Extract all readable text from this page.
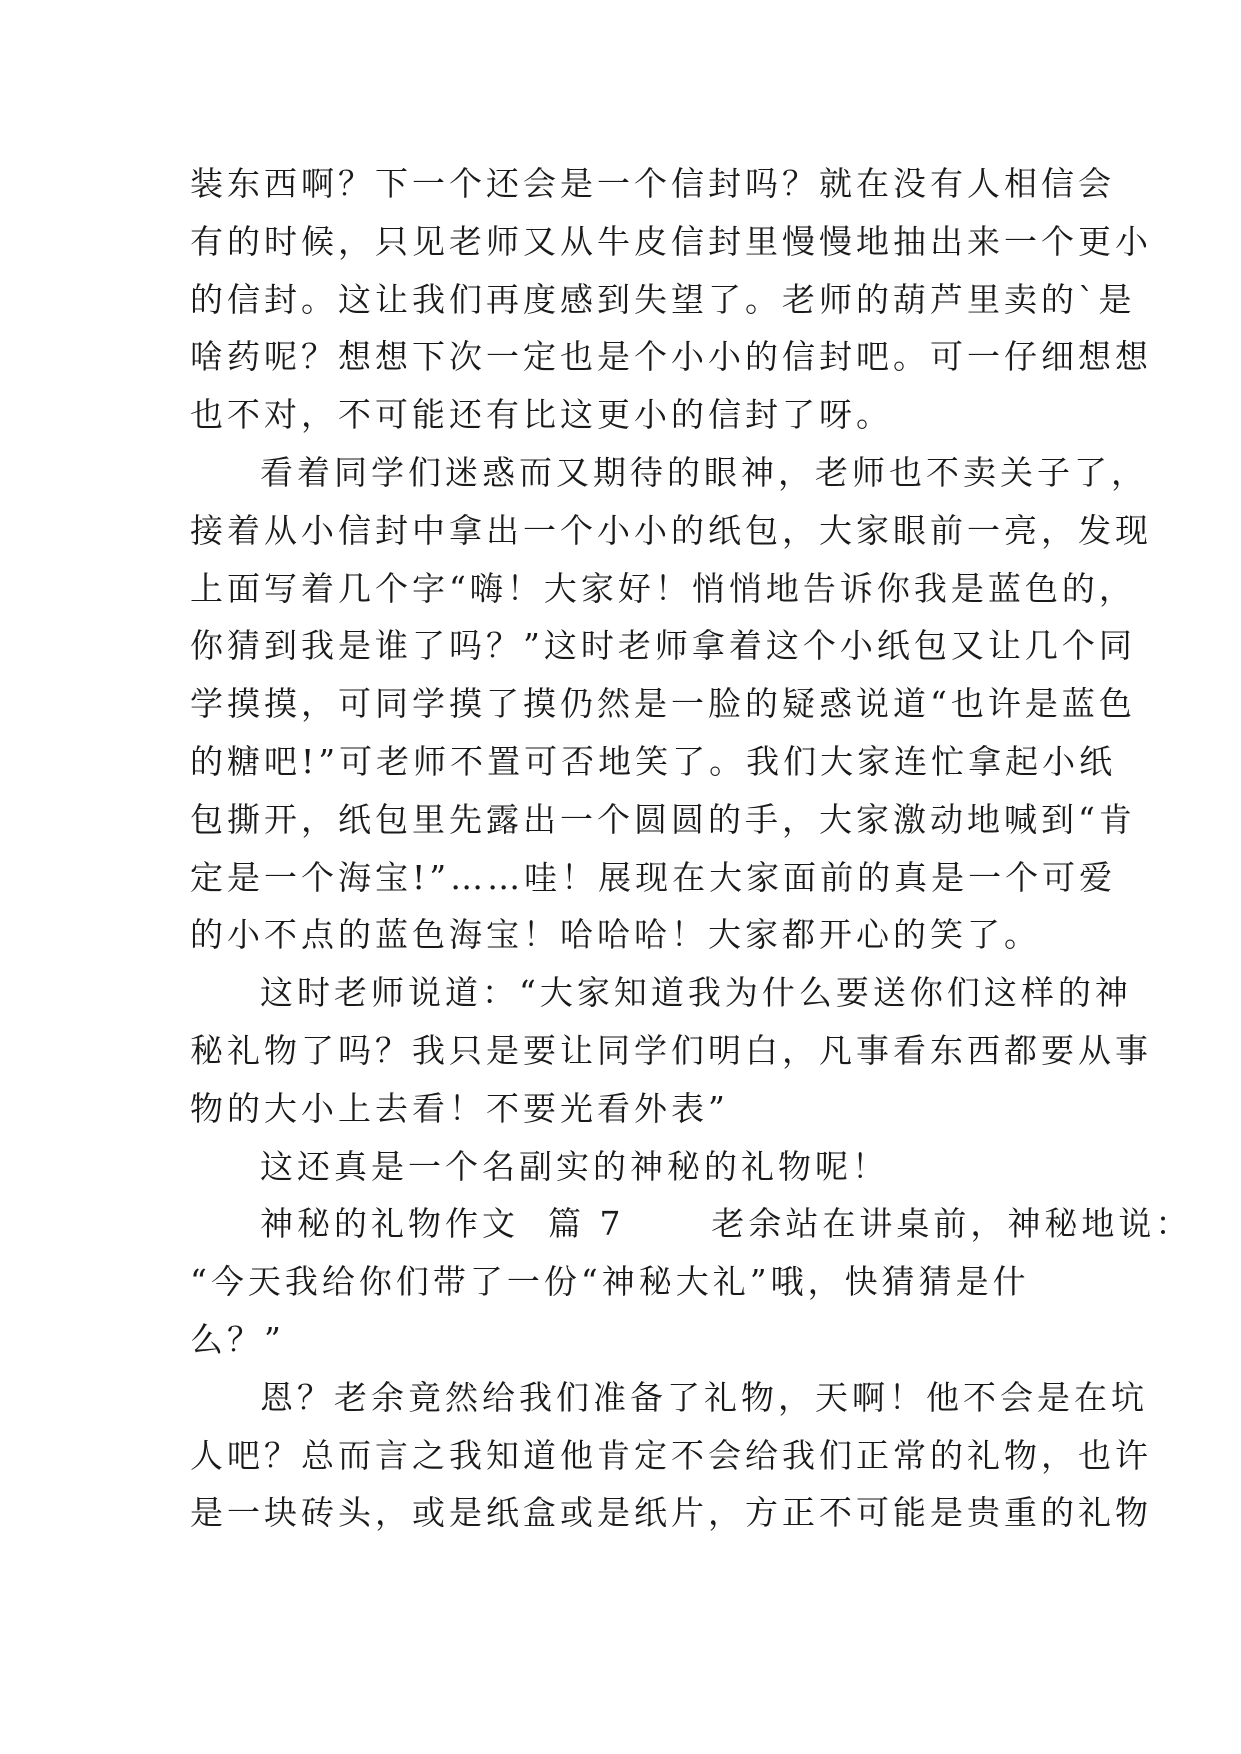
装东西啊？下一个还会是一个信封吗？就在没有人相信会
有的时候，只见老师又从牛皮信封里慢慢地抽出来一个更小
的信封。这让我们再度感到失望了。老师的葫芦里卖的`是
啥药呢？想想下次一定也是个小小的信封吧。可一仔细想想
也不对，不可能还有比这更小的信封了呀。
看着同学们迷惑而又期待的眼神，老师也不卖关子了，
接着从小信封中拿出一个小小的纸包，大家眼前一亮，发现
上面写着几个字“嗨！大家好！悄悄地告诉你我是蓝色的，
你猜到我是谁了吗？”这时老师拿着这个小纸包又让几个同
学摸摸，可同学摸了摸仍然是一脸的疑惑说道“也许是蓝色
的糖吧!”可老师不置可否地笑了。我们大家连忙拿起小纸
包撕开，纸包里先露出一个圆圆的手，大家激动地喊到“肯
定是一个海宝!”……哇！展现在大家面前的真是一个可爱
的小不点的蓝色海宝！哈哈哈！大家都开心的笑了。
这时老师说道：“大家知道我为什么要送你们这样的神
秘礼物了吗？我只是要让同学们明白，凡事看东西都要从事
物的大小上去看！不要光看外表”
这还真是一个名副实的神秘的礼物呢！
神秘的礼物作文  篇 7      老余站在讲桌前，神秘地说：
“今天我给你们带了一份“神秘大礼”哦，快猜猜是什
么？”
恩？老余竟然给我们准备了礼物，天啊！他不会是在坑
人吧？总而言之我知道他肯定不会给我们正常的礼物，也许
是一块砖头，或是纸盒或是纸片，方正不可能是贵重的礼物
